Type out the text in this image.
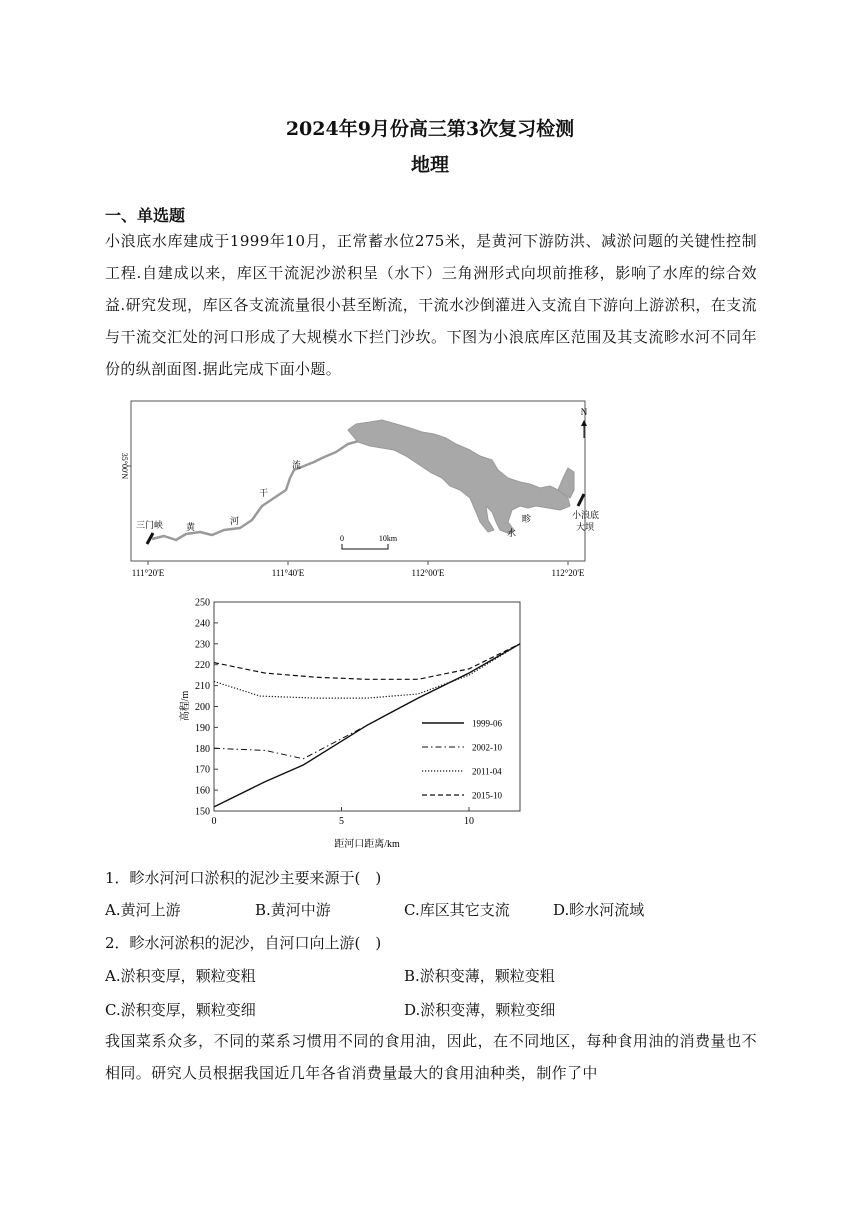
2024年9月份高三第3次复习检测
地理
一、单选题
小浪底水库建成于1999年10月，正常蓄水位275米，是黄河下游防洪、减淤问题的关键性控制工程.自建成以来，库区干流泥沙淤积呈（水下）三角洲形式向坝前推移，影响了水库的综合效益.研究发现，库区各支流流量很小甚至断流，干流水沙倒灌进入支流自下游向上游淤积，在支流与干流交汇处的河口形成了大规模水下拦门沙坎。下图为小浪底库区范围及其支流畛水河不同年份的纵剖面图.据此完成下面小题。
111°20'E	111°40'E	112°00'E	112°20'E
35°00'N
三门峡	黄
河
干
流
畛
水
小浪底
大坝
N
0	10km
150
160
170
180
190
200
210
220
230
240
250
0	5	10
1999-06
2002-10
2011-04
2015-10
高程/m
距河口距离/km
1．畛水河河口淤积的泥沙主要来源于(　)
A.黄河上游	B.黄河中游	C.库区其它支流	D.畛水河流域
2．畛水河淤积的泥沙，自河口向上游(　)
A.淤积变厚，颗粒变粗	B.淤积变薄，颗粒变粗
C.淤积变厚，颗粒变细	D.淤积变薄，颗粒变细
我国菜系众多，不同的菜系习惯用不同的食用油，因此，在不同地区，每种食用油的消费量也不相同。研究人员根据我国近几年各省消费量最大的食用油种类，制作了中
